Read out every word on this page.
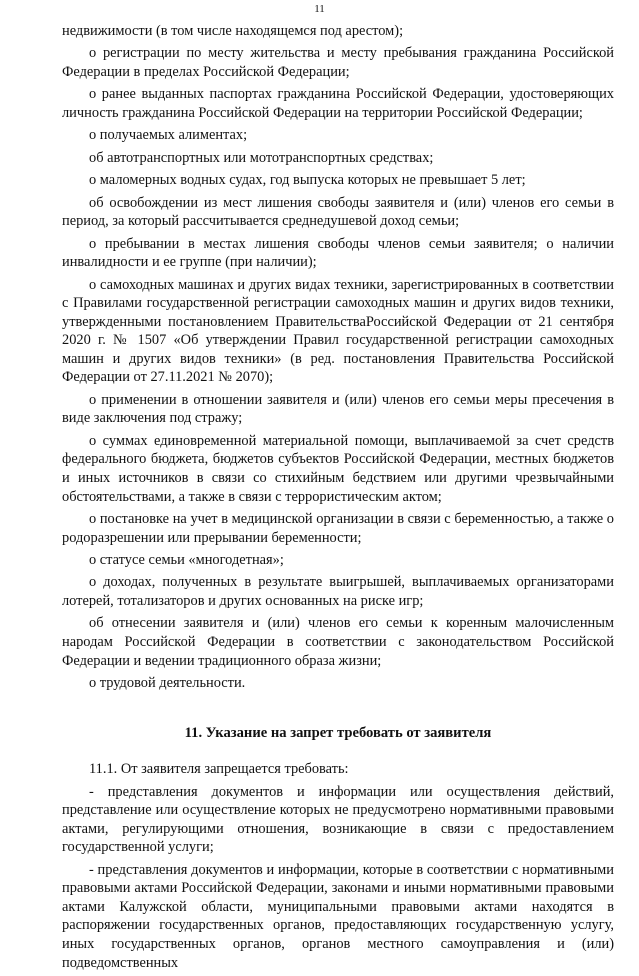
11

недвижимости (в том числе находящемся под арестом);

о регистрации по месту жительства и месту пребывания гражданина Российской Федерации в пределах Российской Федерации;

о ранее выданных паспортах гражданина Российской Федерации, удостоверяющих личность гражданина Российской Федерации на территории Российской Федерации;

о получаемых алиментах;

об автотранспортных или мототранспортных средствах;

о маломерных водных судах, год выпуска которых не превышает 5 лет;

об освобождении из мест лишения свободы заявителя и (или) членов его семьи в период, за который рассчитывается среднедушевой доход семьи;

о пребывании в местах лишения свободы членов семьи заявителя; о наличии инвалидности и ее группе (при наличии);

о самоходных машинах и других видах техники, зарегистрированных в соответствии с Правилами государственной регистрации самоходных машин и других видов техники, утвержденными постановлением ПравительстваРоссийской Федерации от 21 сентября 2020 г. № 1507 «Об утверждении Правил государственной регистрации самоходных машин и других видов техники» (в ред. постановления Правительства Российской Федерации от 27.11.2021 № 2070);

о применении в отношении заявителя и (или) членов его семьи меры пресечения в виде заключения под стражу;

о суммах единовременной материальной помощи, выплачиваемой за счет средств федерального бюджета, бюджетов субъектов Российской Федерации, местных бюджетов и иных источников в связи со стихийным бедствием или другими чрезвычайными обстоятельствами, а также в связи с террористическим актом;

о постановке на учет в медицинской организации в связи с беременностью, а также о родоразрешении или прерывании беременности;

о статусе семьи «многодетная»;

о доходах, полученных в результате выигрышей, выплачиваемых организаторами лотерей, тотализаторов и других основанных на риске игр;

об отнесении заявителя и (или) членов его семьи к коренным малочисленным народам Российской Федерации в соответствии с законодательством Российской Федерации и ведении традиционного образа жизни;

о трудовой деятельности.

11. Указание на запрет требовать от заявителя

11.1. От заявителя запрещается требовать:

- представления документов и информации или осуществления действий, представление или осуществление которых не предусмотрено нормативными правовыми актами, регулирующими отношения, возникающие в связи с предоставлением государственной услуги;

- представления документов и информации, которые в соответствии с нормативными правовыми актами Российской Федерации, законами и иными нормативными правовыми актами Калужской области, муниципальными правовыми актами находятся в распоряжении государственных органов, предоставляющих государственную услугу, иных государственных органов, органов местного самоуправления и (или) подведомственных
